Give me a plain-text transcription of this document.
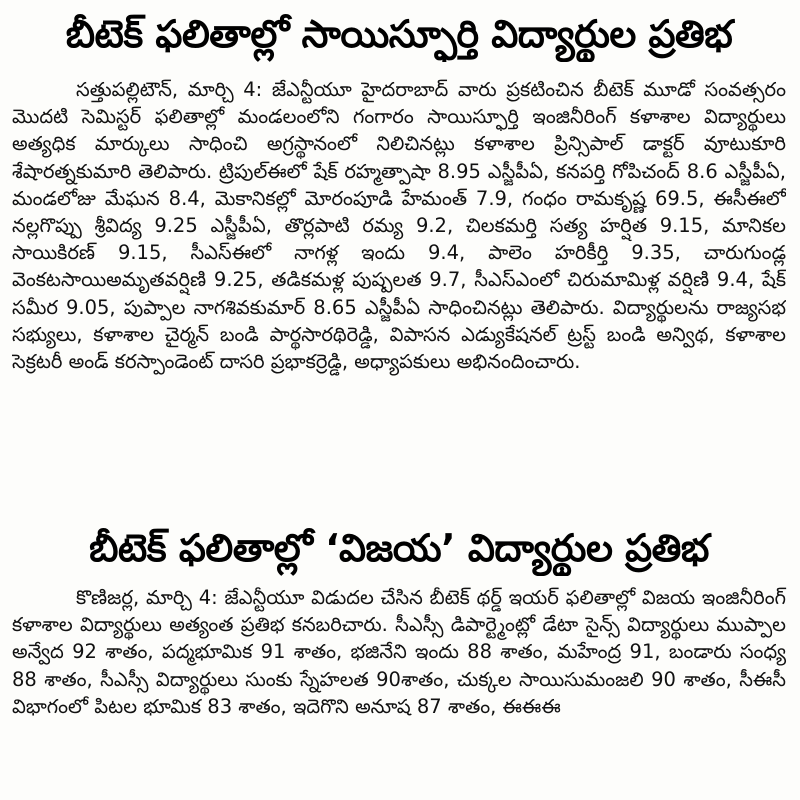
బీటెక్ ఫలితాల్లో సాయిస్ఫూర్తి విద్యార్థుల ప్రతిభ

సత్తుపల్లిటౌన్, మార్చి 4: జేఎన్టీయూ హైదరాబాద్ వారు ప్రకటించిన బీటెక్ మూడో సంవత్సరం మొదటి సెమిస్టర్ ఫలితాల్లో మండలంలోని గంగారం సాయిస్ఫూర్తి ఇంజినీరింగ్ కళాశాల విద్యార్థులు అత్యధిక మార్కులు సాధించి అగ్రస్థానంలో నిలిచినట్లు కళాశాల ప్రిన్సిపాల్ డాక్టర్ వూటుకూరి శేషారత్నకుమారి తెలిపారు. ట్రిపుల్ఈలో షేక్ రహ్మత్పాషా 8.95 ఎస్జీపీఏ, కనపర్తి గోపిచంద్ 8.6 ఎస్జీపీఏ, మండలోజు మేఘన 8.4, మెకానికల్లో మోరంపూడి హేమంత్ 7.9, గంధం రామకృష్ణ 69.5, ఈసీఈలో నల్లగొప్పు శ్రీవిద్య 9.25 ఎస్జీపీఏ, తొర్లపాటి రమ్య 9.2, చిలకమర్తి సత్య హర్షిత 9.15, మానికల సాయికిరణ్ 9.15, సీఎస్ఈలో నాగళ్ల ఇందు 9.4, పాలెం హరికీర్తి 9.35, చారుగుండ్ల వెంకటసాయిఅమృతవర్షిణి 9.25, తడికమళ్ల పుష్పలత 9.7, సీఎస్ఎంలో చిరుమామిళ్ల వర్షిణి 9.4, షేక్ సమీర 9.05, పుప్పాల నాగశివకుమార్ 8.65 ఎస్జీపీఏ సాధించినట్లు తెలిపారు. విద్యార్థులను రాజ్యసభ సభ్యులు, కళాశాల చైర్మన్ బండి పార్థసారథిరెడ్డి, విపాసన ఎడ్యుకేషనల్ ట్రస్ట్ బండి అన్విథ, కళాశాల సెక్రటరీ అండ్ కరస్పాండెంట్ దాసరి ప్రభాకర్రెడ్డి, అధ్యాపకులు అభినందించారు.

బీటెక్ ఫలితాల్లో ‘విజయ’ విద్యార్థుల ప్రతిభ

కొణిజర్ల, మార్చి 4: జేఎన్టీయూ విడుదల చేసిన బీటెక్ థర్డ్ ఇయర్ ఫలితాల్లో విజయ ఇంజినీరింగ్ కళాశాల విద్యార్థులు అత్యంత ప్రతిభ కనబరిచారు. సీఎస్సీ డిపార్ట్మెంట్లో డేటా సైన్స్ విద్యార్థులు ముప్పాల అన్వేద 92 శాతం, పద్మభూమిక 91 శాతం, భజినేని ఇందు 88 శాతం, మహేంద్ర 91, బండారు సంధ్య 88 శాతం, సీఎస్సీ విద్యార్థులు సుంకు స్నేహలత 90శాతం, చుక్కల సాయిసుమంజలి 90 శాతం, సీఈసీ విభాగంలో పిటల భూమిక 83 శాతం, ఇదెగొని అనూష 87 శాతం, ఈఈఈ
